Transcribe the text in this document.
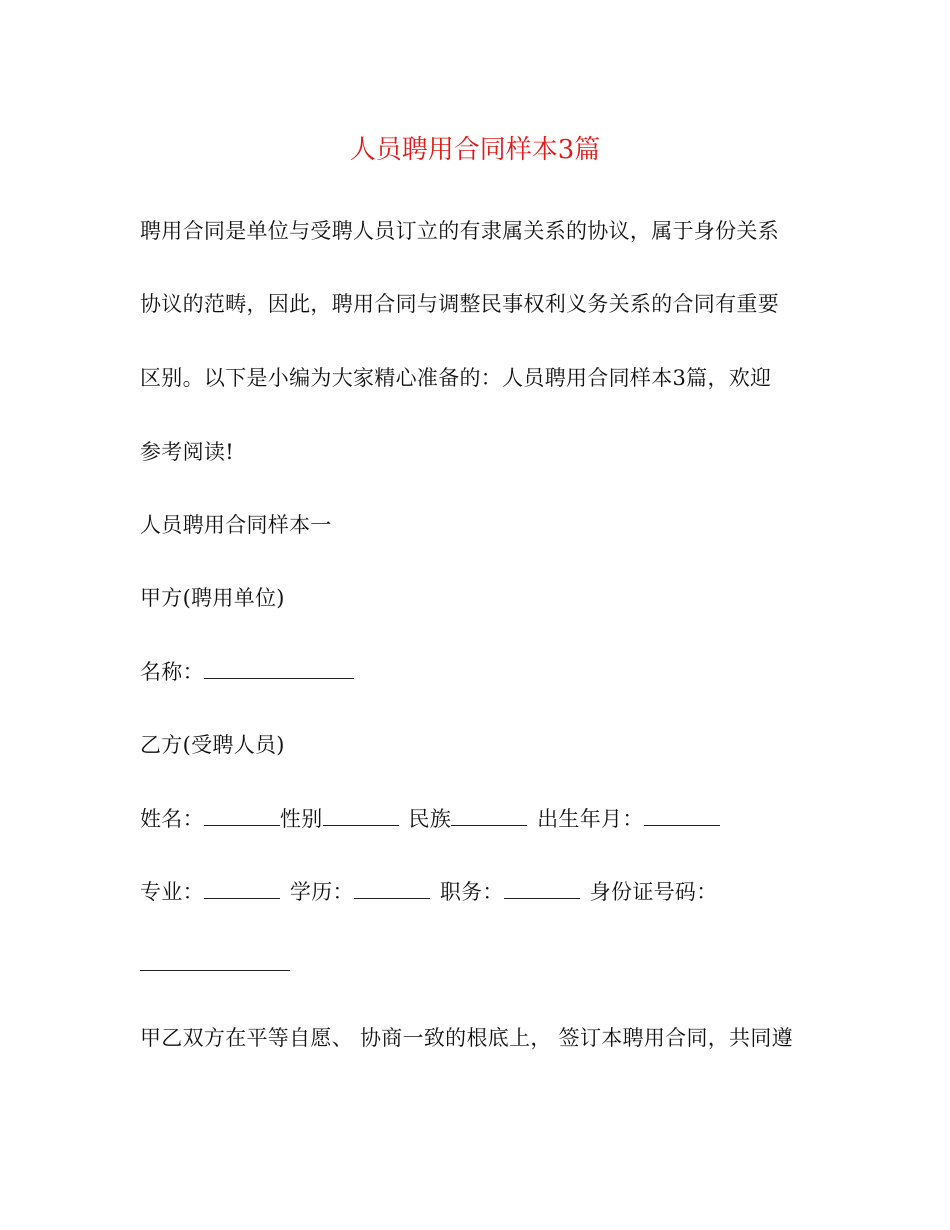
人员聘用合同样本3篇
聘用合同是单位与受聘人员订立的有隶属关系的协议，属于身份关系
协议的范畴，因此，聘用合同与调整民事权利义务关系的合同有重要
区别。以下是小编为大家精心准备的：人员聘用合同样本3篇，欢迎
参考阅读!
人员聘用合同样本一
甲方(聘用单位)
名称：
乙方(受聘人员)
姓名：	性别	民族	出生年月：
专业：	学历：	职务：	身份证号码：
甲乙双方在平等自愿、 协商一致的根底上， 签订本聘用合同，共同遵
